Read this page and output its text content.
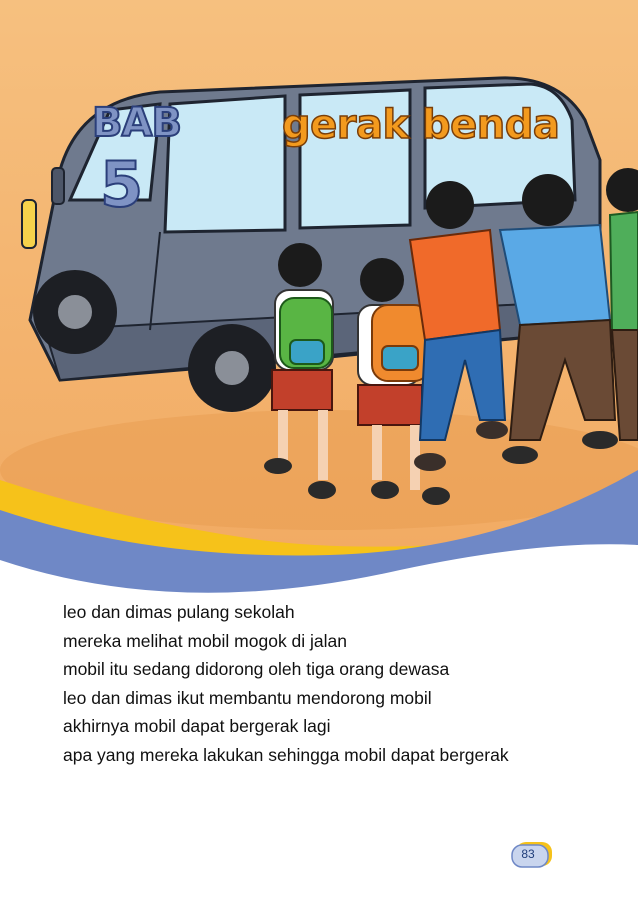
BAB
5
gerak benda
leo dan dimas pulang sekolah
mereka melihat mobil mogok di jalan
mobil itu sedang didorong oleh tiga orang dewasa
leo dan dimas ikut membantu mendorong mobil
akhirnya mobil dapat bergerak lagi
apa yang mereka lakukan sehingga mobil dapat bergerak
83
